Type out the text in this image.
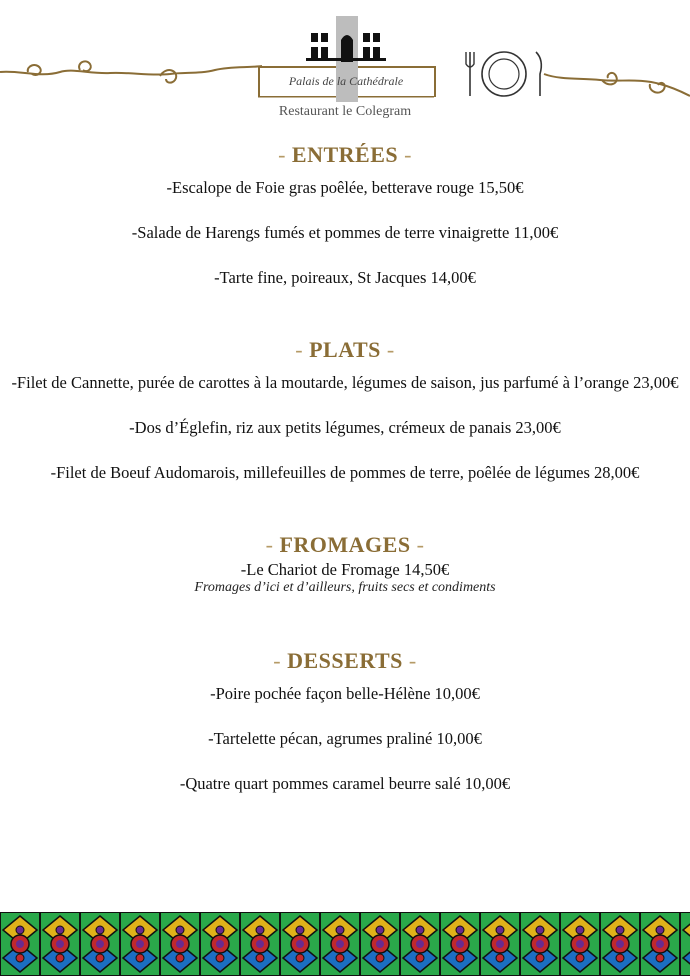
Palais de la Cathédrale
Restaurant le Colegram
- ENTRÉES -

-Escalope de Foie gras poêlée, betterave rouge 15,50€

-Salade de Harengs fumés et pommes de terre vinaigrette 11,00€

-Tarte fine, poireaux, St Jacques 14,00€

- PLATS -

-Filet de Cannette, purée de carottes à la moutarde, légumes de saison, jus parfumé à l’orange 23,00€

-Dos d’Églefin, riz aux petits légumes, crémeux de panais 23,00€

-Filet de Boeuf Audomarois, millefeuilles de pommes de terre, poêlée de légumes 28,00€

- FROMAGES -

-Le Chariot de Fromage 14,50€

Fromages d’ici et d’ailleurs, fruits secs et condiments

- DESSERTS -

-Poire pochée façon belle-Hélène 10,00€

-Tartelette pécan, agrumes praliné 10,00€

-Quatre quart pommes caramel beurre salé 10,00€
